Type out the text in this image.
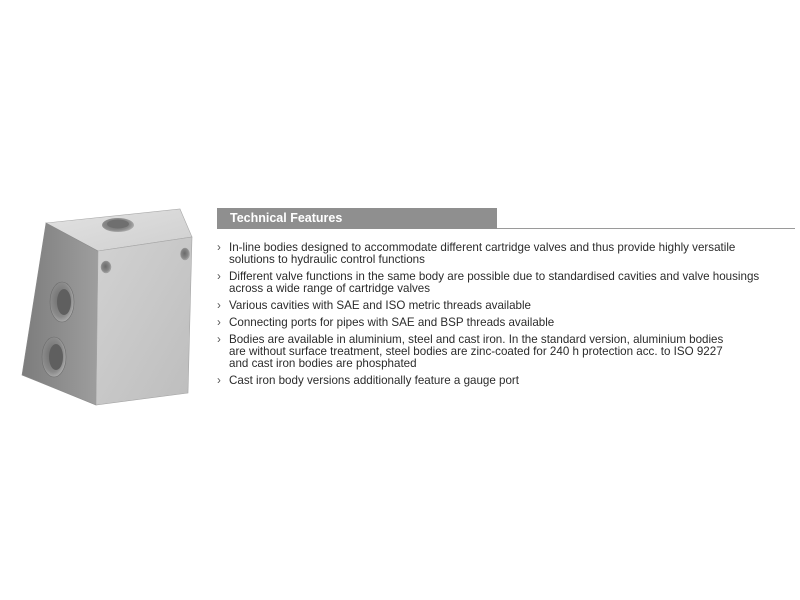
Technical Features
› In-line bodies designed to accommodate different cartridge valves and thus provide highly versatile
solutions to hydraulic control functions
› Different valve functions in the same body are possible due to standardised cavities and valve housings
across a wide range of cartridge valves
› Various cavities with SAE and ISO metric threads available
› Connecting ports for pipes with SAE and BSP threads available
› Bodies are available in aluminium, steel and cast iron. In the standard version, aluminium bodies
are without surface treatment, steel bodies are zinc-coated for 240 h protection acc. to ISO 9227
and cast iron bodies are phosphated
› Cast iron body versions additionally feature a gauge port
